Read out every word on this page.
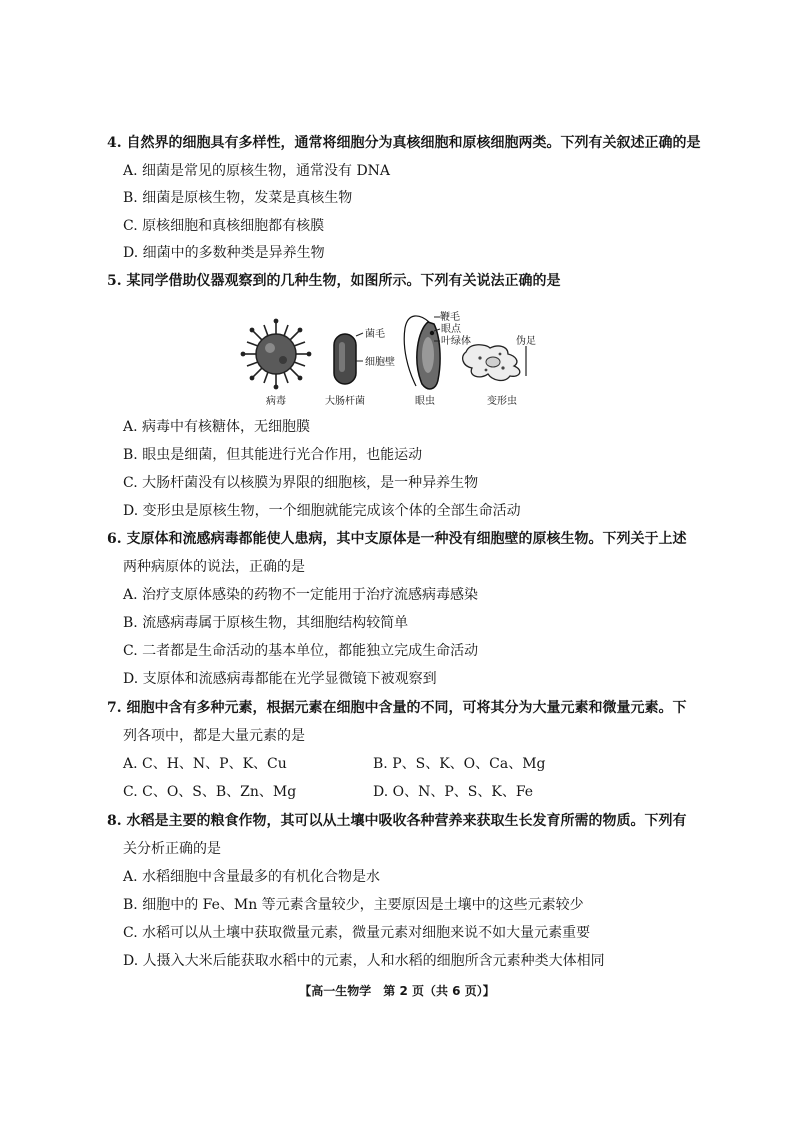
4. 自然界的细胞具有多样性，通常将细胞分为真核细胞和原核细胞两类。下列有关叙述正确的是
A. 细菌是常见的原核生物，通常没有 DNA
B. 细菌是原核生物，发菜是真核生物
C. 原核细胞和真核细胞都有核膜
D. 细菌中的多数种类是异养生物
5. 某同学借助仪器观察到的几种生物，如图所示。下列有关说法正确的是
菌毛
细胞壁
鞭毛
眼点
叶绿体	伪足
病毒	大肠杆菌	眼虫	变形虫
A. 病毒中有核糖体，无细胞膜
B. 眼虫是细菌，但其能进行光合作用，也能运动
C. 大肠杆菌没有以核膜为界限的细胞核，是一种异养生物
D. 变形虫是原核生物，一个细胞就能完成该个体的全部生命活动
6. 支原体和流感病毒都能使人患病，其中支原体是一种没有细胞壁的原核生物。下列关于上述
两种病原体的说法，正确的是
A. 治疗支原体感染的药物不一定能用于治疗流感病毒感染
B. 流感病毒属于原核生物，其细胞结构较简单
C. 二者都是生命活动的基本单位，都能独立完成生命活动
D. 支原体和流感病毒都能在光学显微镜下被观察到
7. 细胞中含有多种元素，根据元素在细胞中含量的不同，可将其分为大量元素和微量元素。下
列各项中，都是大量元素的是
A. C、H、N、P、K、Cu	B. P、S、K、O、Ca、Mg
C. C、O、S、B、Zn、Mg	D. O、N、P、S、K、Fe
8. 水稻是主要的粮食作物，其可以从土壤中吸收各种营养来获取生长发育所需的物质。下列有
关分析正确的是
A. 水稻细胞中含量最多的有机化合物是水
B. 细胞中的 Fe、Mn 等元素含量较少，主要原因是土壤中的这些元素较少
C. 水稻可以从土壤中获取微量元素，微量元素对细胞来说不如大量元素重要
D. 人摄入大米后能获取水稻中的元素，人和水稻的细胞所含元素种类大体相同
【高一生物学　第 2 页（共 6 页）】
